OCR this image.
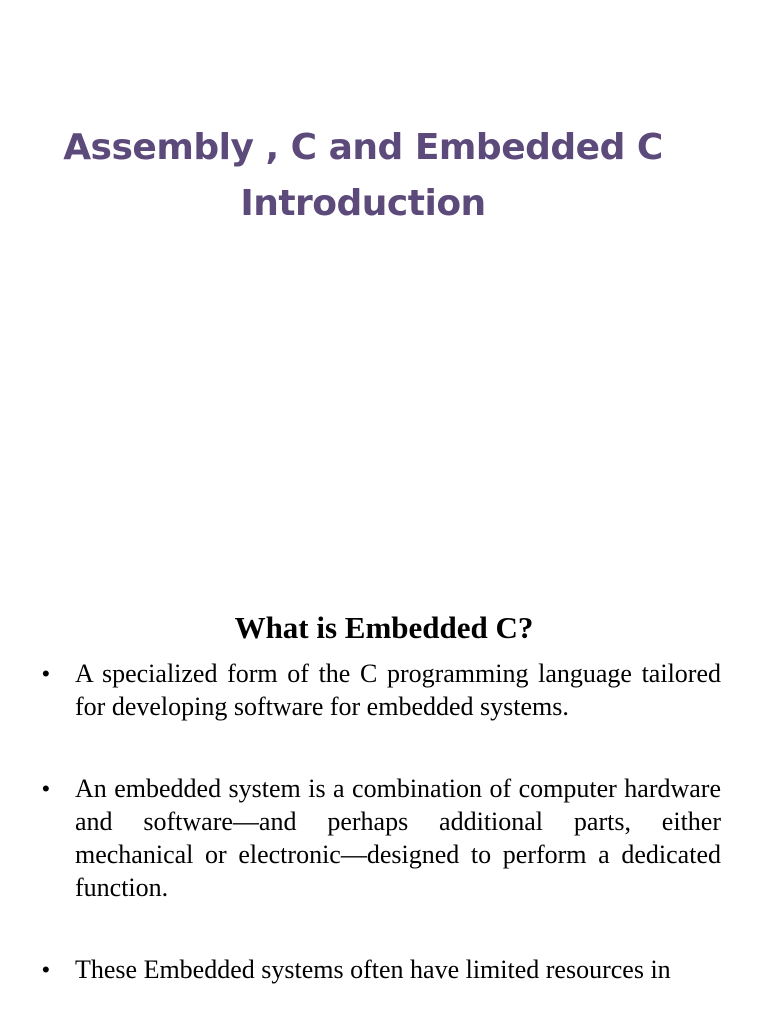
Assembly , C and Embedded C
Introduction
What is Embedded C?
• A specialized form of the C programming language tailored for developing software for embedded systems.
• An embedded system is a combination of computer hardware and software—and perhaps additional parts, either mechanical or electronic—designed to perform a dedicated function.
• These Embedded systems often have limited resources in
